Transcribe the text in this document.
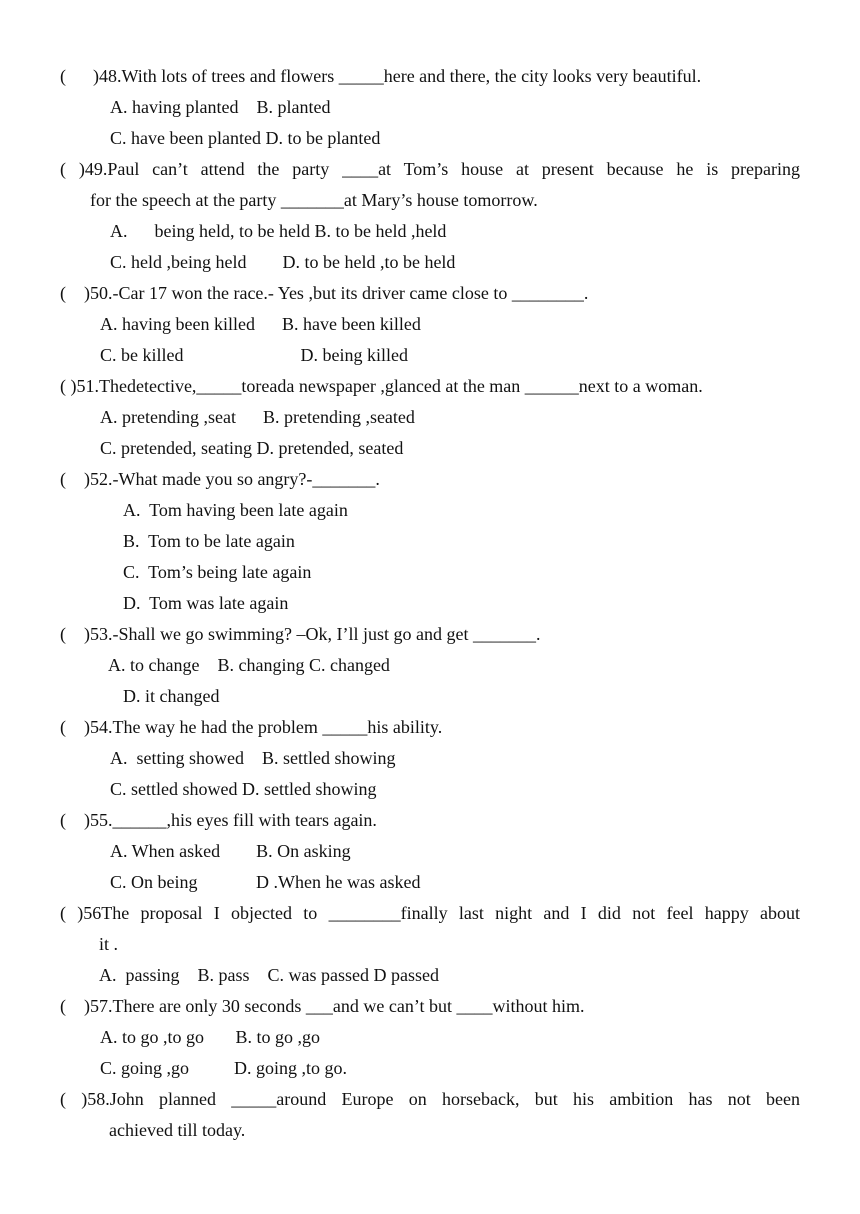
(      )48.With lots of trees and flowers _____here and there, the city looks very beautiful.
A. having planted    B. planted
C. have been planted D. to be planted
( )49.Paul can’t attend the party ____at Tom’s house at present because he is preparing
for the speech at the party _______at Mary’s house tomorrow.
A.      being held, to be held B. to be held ,held
C. held ,being held        D. to be held ,to be held
(    )50.-Car 17 won the race.- Yes ,but its driver came close to ________.
A. having been killed      B. have been killed
C. be killed                          D. being killed
( )51.Thedetective,_____toreada newspaper ,glanced at the man ______next to a woman.
A. pretending ,seat      B. pretending ,seated
C. pretended, seating D. pretended, seated
(    )52.-What made you so angry?-_______.
A.  Tom having been late again
B.  Tom to be late again
C.  Tom’s being late again
D.  Tom was late again
(    )53.-Shall we go swimming? –Ok, I’ll just go and get _______.
A. to change    B. changing C. changed
D. it changed
(    )54.The way he had the problem _____his ability.
A.  setting showed    B. settled showing
C. settled showed D. settled showing
(    )55.______,his eyes fill with tears again.
A. When asked        B. On asking
C. On being             D .When he was asked
( )56The proposal I objected to ________finally last night and I did not feel happy about
it .
A.  passing    B. pass    C. was passed D passed
(    )57.There are only 30 seconds ___and we can’t but ____without him.
A. to go ,to go       B. to go ,go
C. going ,go          D. going ,to go.
( )58.John planned _____around Europe on horseback, but his ambition has not been
achieved till today.
